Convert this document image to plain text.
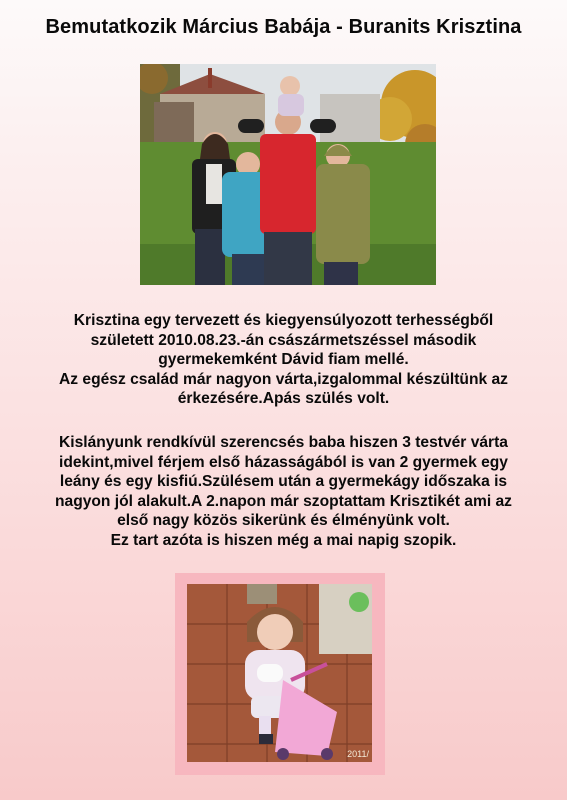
Bemutatkozik Március Babája - Buranits Krisztina
Krisztina egy tervezett és kiegyensúlyozott terhességből
született 2010.08.23.-án császármetszéssel második
gyermekemként Dávid fiam mellé.
Az egész család már nagyon várta,izgalommal készültünk az
érkezésére.Apás szülés volt.
Kislányunk rendkívül szerencsés baba hiszen 3 testvér várta
idekint,mivel férjem első házasságából is van 2 gyermek egy
leány és egy kisfiú.Szülésem után a gyermekágy időszaka is
nagyon jól alakult.A 2.napon már szoptattam Krisztikét ami az
első nagy közös sikerünk és élményünk volt.
Ez tart azóta is hiszen még a mai napig szopik.
2011/
